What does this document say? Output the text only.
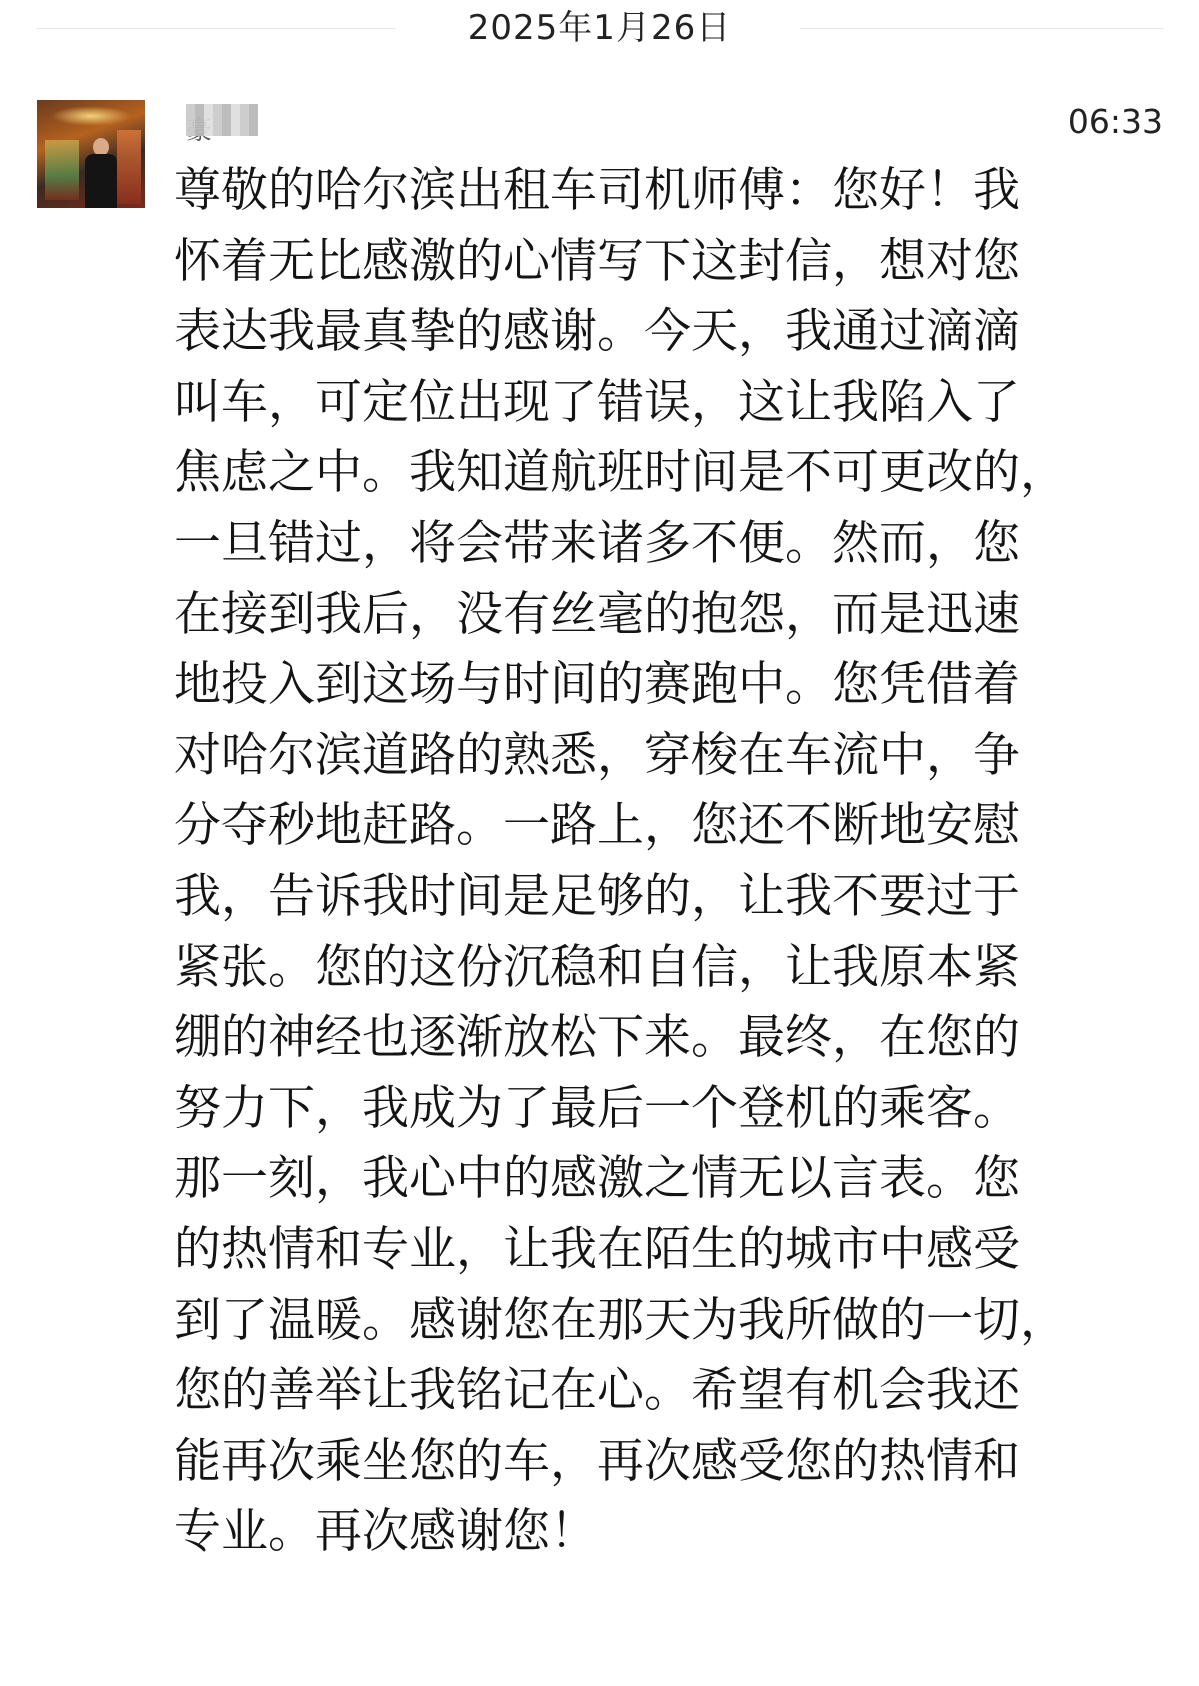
2025年1月26日
06:33

尊敬的哈尔滨出租车司机师傅：您好！我
怀着无比感激的心情写下这封信，想对您
表达我最真挚的感谢。今天，我通过滴滴
叫车，可定位出现了错误，这让我陷入了
焦虑之中。我知道航班时间是不可更改的，
一旦错过，将会带来诸多不便。然而，您
在接到我后，没有丝毫的抱怨，而是迅速
地投入到这场与时间的赛跑中。您凭借着
对哈尔滨道路的熟悉，穿梭在车流中，争
分夺秒地赶路。一路上，您还不断地安慰
我，告诉我时间是足够的，让我不要过于
紧张。您的这份沉稳和自信，让我原本紧
绷的神经也逐渐放松下来。最终，在您的
努力下，我成为了最后一个登机的乘客。
那一刻，我心中的感激之情无以言表。您
的热情和专业，让我在陌生的城市中感受
到了温暖。感谢您在那天为我所做的一切，
您的善举让我铭记在心。希望有机会我还
能再次乘坐您的车，再次感受您的热情和
专业。再次感谢您！
